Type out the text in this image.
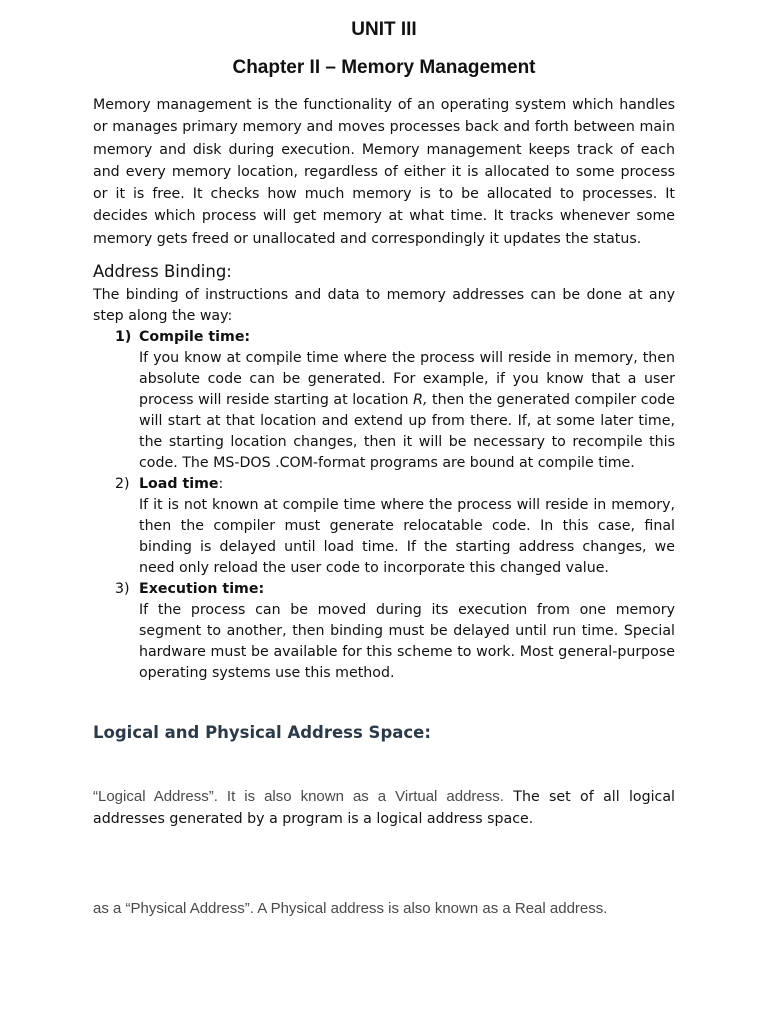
UNIT III
Chapter II – Memory Management

Memory management is the functionality of an operating system which handles or manages primary memory and moves processes back and forth between main memory and disk during execution. Memory management keeps track of each and every memory location, regardless of either it is allocated to some process or it is free. It checks how much memory is to be allocated to processes. It decides which process will get memory at what time. It tracks whenever some memory gets freed or unallocated and correspondingly it updates the status.

Address Binding:

The binding of instructions and data to memory addresses can be done at any step along the way:

1) Compile time:

If you know at compile time where the process will reside in memory, then absolute code can be generated. For example, if you know that a user process will reside starting at location R, then the generated compiler code will start at that location and extend up from there. If, at some later time, the starting location changes, then it will be necessary to recompile this code. The MS-DOS .COM-format programs are bound at compile time.

2) Load time:

If it is not known at compile time where the process will reside in memory, then the compiler must generate relocatable code. In this case, final binding is delayed until load time. If the starting address changes, we need only reload the user code to incorporate this changed value.

3) Execution time:

If the process can be moved during its execution from one memory segment to another, then binding must be delayed until run time. Special hardware must be available for this scheme to work. Most general-purpose operating systems use this method.

Logical and Physical Address Space:

“Logical Address”. It is also known as a Virtual address. The set of all logical addresses generated by a program is a logical address space.

as a “Physical Address”. A Physical address is also known as a Real address.
